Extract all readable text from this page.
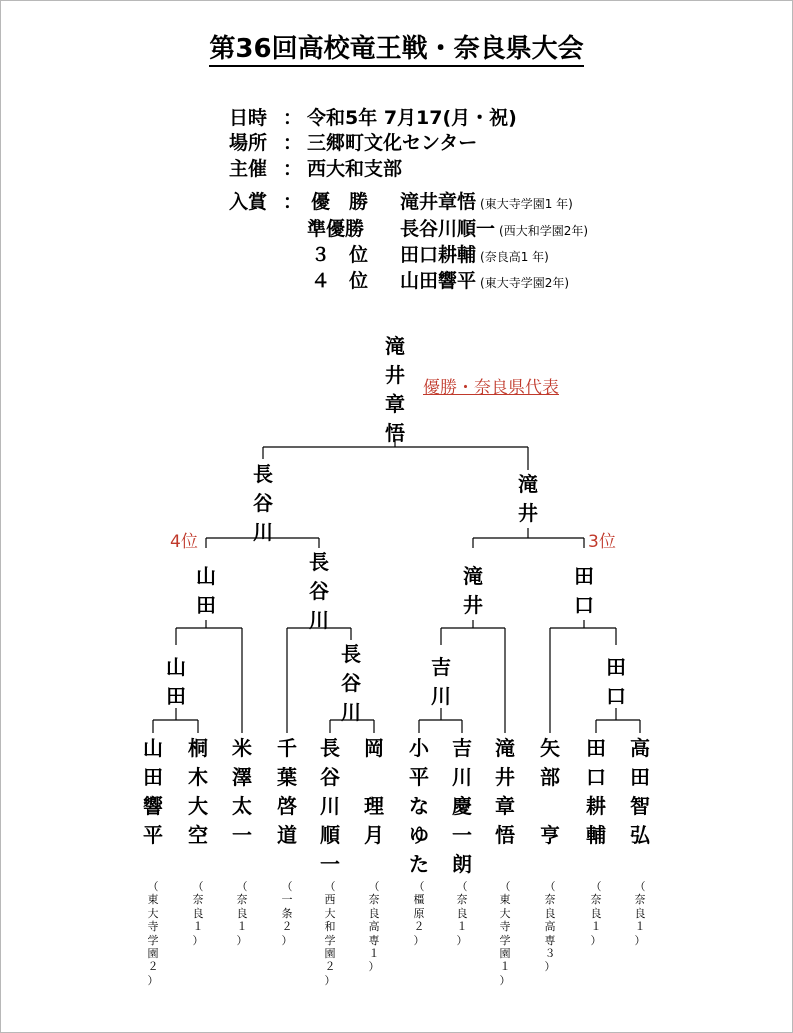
第36回高校竜王戦・奈良県大会
日時 ： 令和5年 7月17(月・祝)
場所 ： 三郷町文化センター
主催 ： 西大和支部
入賞 ： 優　勝 滝井章悟 (東大寺学園1 年)
準優勝 長谷川順一 (西大和学園2年)
３　位 田口耕輔 (奈良高1 年)
４　位 山田響平 (東大寺学園2年)
滝
井
章
悟
優勝・奈良県代表
長
谷
川
滝
井
4位	3位
山
田
長
谷
川
滝
井
田
口
山
田
長
谷
川
吉
川
田
口
山
田
響
平
桐
木
大
空
米
澤
太
一
千
葉
啓
道
長
谷
川
順
一
岡

理
月
小
平
な
ゆ
た
吉
川
慶
一
朗
滝
井
章
悟
矢
部

亨
田
口
耕
輔
高
田
智
弘
（
東
大
寺
学
園
２
）
（
奈
良
１
）
（
奈
良
１
）
（
一
条
２
）
（
西
大
和
学
園
２
）
（
奈
良
高
専
１
）
（
橿
原
２
）
（
奈
良
１
）
（
東
大
寺
学
園
１
）
（
奈
良
高
専
３
）
（
奈
良
１
）
（
奈
良
１
）
